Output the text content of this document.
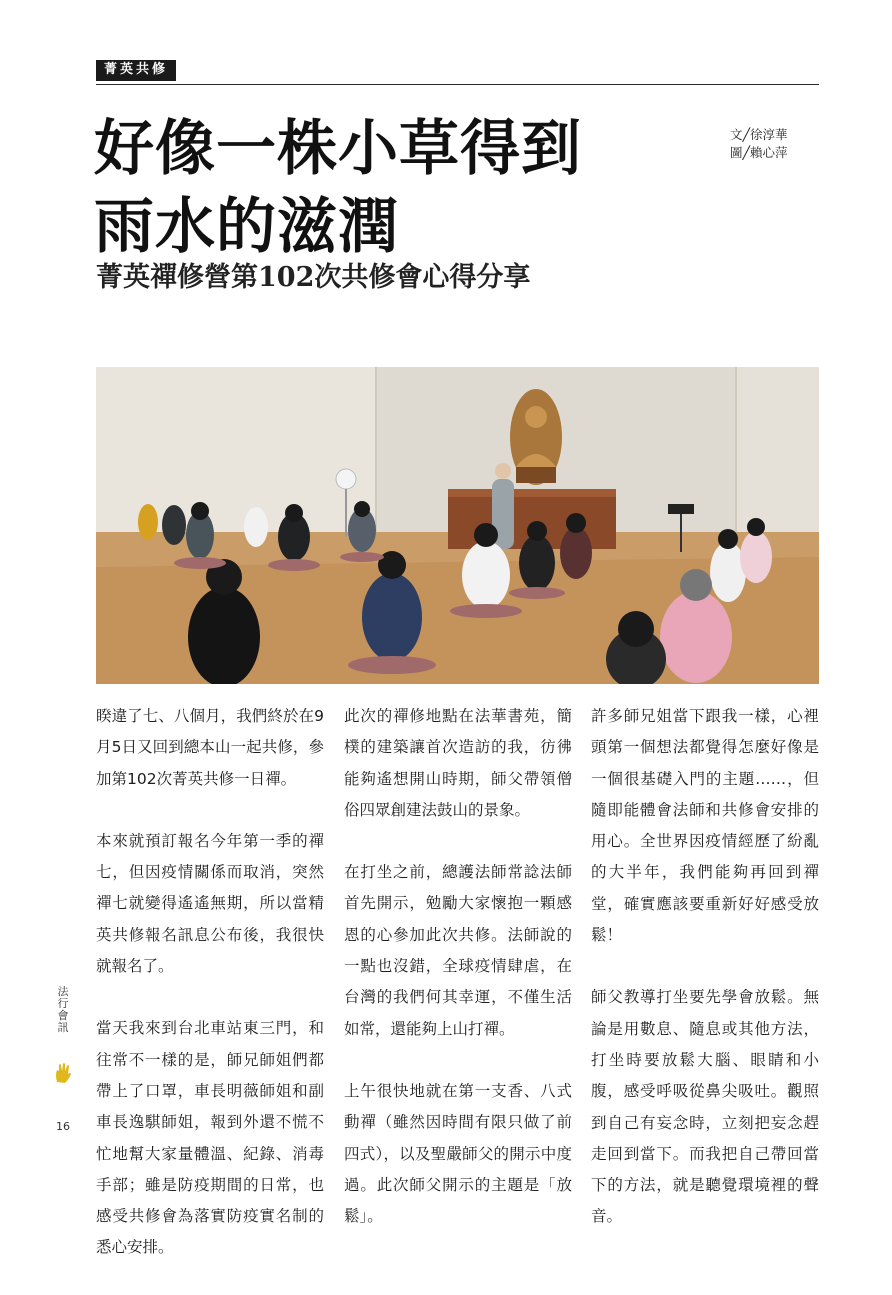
菁英共修
好像一株小草得到
雨水的滋潤
菁英禪修營第102次共修會心得分享
文╱徐淳華
圖╱賴心萍

睽違了七、八個月，我們終於在9月5日又回到總本山一起共修，參加第102次菁英共修一日禪。

本來就預訂報名今年第一季的禪七，但因疫情關係而取消，突然禪七就變得遙遙無期，所以當精英共修報名訊息公布後，我很快就報名了。

當天我來到台北車站東三門，和往常不一樣的是，師兄師姐們都帶上了口罩，車長明薇師姐和副車長逸騏師姐，報到外還不慌不忙地幫大家量體溫、紀錄、消毒手部；雖是防疫期間的日常，也感受共修會為落實防疫實名制的悉心安排。

此次的禪修地點在法華書苑，簡樸的建築讓首次造訪的我，彷彿能夠遙想開山時期，師父帶領僧俗四眾創建法鼓山的景象。

在打坐之前，總護法師常諗法師首先開示，勉勵大家懷抱一顆感恩的心參加此次共修。法師說的一點也沒錯，全球疫情肆虐，在台灣的我們何其幸運，不僅生活如常，還能夠上山打禪。

上午很快地就在第一支香、八式動禪（雖然因時間有限只做了前四式），以及聖嚴師父的開示中度過。此次師父開示的主題是「放鬆」。

許多師兄姐當下跟我一樣，心裡頭第一個想法都覺得怎麼好像是一個很基礎入門的主題……，但隨即能體會法師和共修會安排的用心。全世界因疫情經歷了紛亂的大半年，我們能夠再回到禪堂，確實應該要重新好好感受放鬆！

師父教導打坐要先學會放鬆。無論是用數息、隨息或其他方法，打坐時要放鬆大腦、眼睛和小腹，感受呼吸從鼻尖吸吐。觀照到自己有妄念時，立刻把妄念趕走回到當下。而我把自己帶回當下的方法，就是聽覺環境裡的聲音。

法行會訊
16
